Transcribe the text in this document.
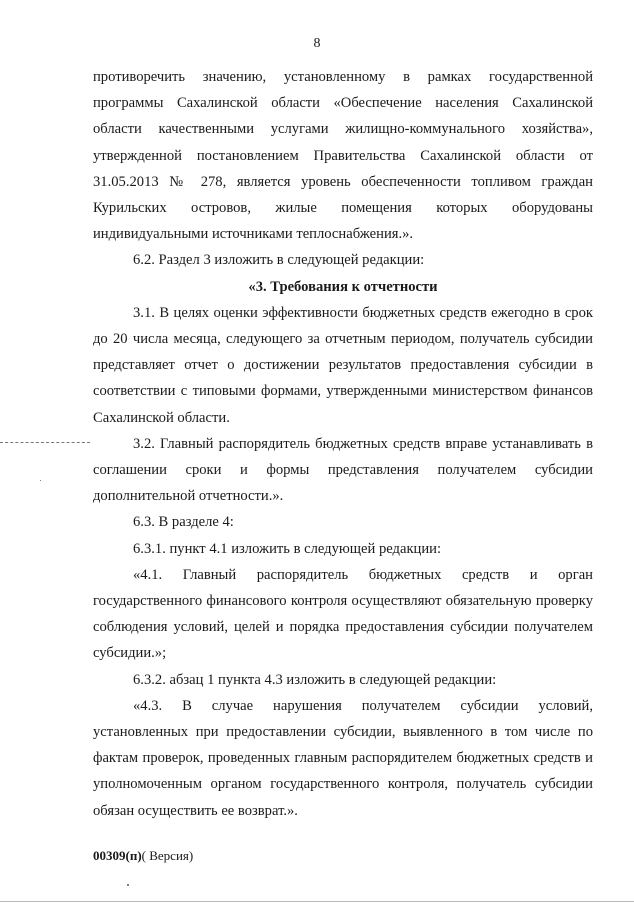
8

противоречить значению, установленному в рамках государственной программы Сахалинской области «Обеспечение населения Сахалинской области качественными услугами жилищно-коммунального хозяйства», утвержденной постановлением Правительства Сахалинской области от 31.05.2013 № 278, является уровень обеспеченности топливом граждан Курильских островов, жилые помещения которых оборудованы индивидуальными источниками теплоснабжения.».

6.2. Раздел 3 изложить в следующей редакции:

«3. Требования к отчетности

3.1. В целях оценки эффективности бюджетных средств ежегодно в срок до 20 числа месяца, следующего за отчетным периодом, получатель субсидии представляет отчет о достижении результатов предоставления субсидии в соответствии с типовыми формами, утвержденными министерством финансов Сахалинской области.

3.2. Главный распорядитель бюджетных средств вправе устанавливать в соглашении сроки и формы представления получателем субсидии дополнительной отчетности.».

6.3. В разделе 4:

6.3.1. пункт 4.1 изложить в следующей редакции:

«4.1. Главный распорядитель бюджетных средств и орган государственного финансового контроля осуществляют обязательную проверку соблюдения условий, целей и порядка предоставления субсидии получателем субсидии.»;

6.3.2. абзац 1 пункта 4.3 изложить в следующей редакции:

«4.3. В случае нарушения получателем субсидии условий, установленных при предоставлении субсидии, выявленного в том числе по фактам проверок, проведенных главным распорядителем бюджетных средств и уполномоченным органом государственного контроля, получатель субсидии обязан осуществить ее возврат.».

00309(п)( Версия)
